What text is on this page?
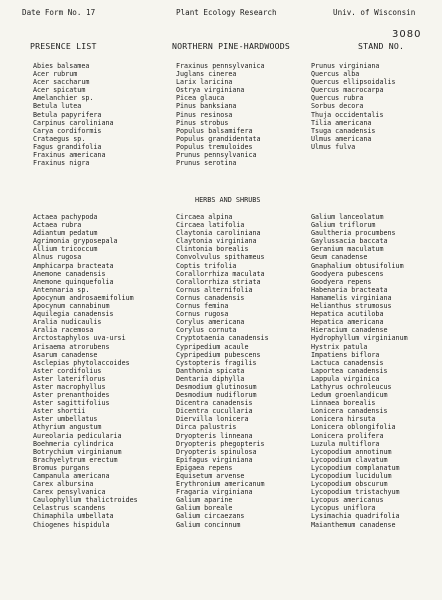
Date Form No. 17	Plant Ecology Research	Univ. of Wisconsin
PRESENCE LIST	NORTHERN PINE-HARDWOODS	STAND NO.
3080
Abies balsamea
Acer rubrum
Acer saccharum
Acer spicatum
Amelanchier sp.
Betula lutea
Betula papyrifera
Carpinus caroliniana
Carya cordiformis
Crataegus sp.
Fagus grandifolia
Fraxinus americana
Fraxinus nigra
Fraxinus pennsylvanica
Juglans cinerea
Larix laricina
Ostrya virginiana
Picea glauca
Pinus banksiana
Pinus resinosa
Pinus strobus
Populus balsamifera
Populus grandidentata
Populus tremuloides
Prunus pennsylvanica
Prunus serotina
Prunus virginiana
Quercus alba
Quercus ellipsoidalis
Quercus macrocarpa
Quercus rubra
Sorbus decora
Thuja occidentalis
Tilia americana
Tsuga canadensis
Ulmus americana
Ulmus fulva
HERBS AND SHRUBS
Actaea pachypoda
Actaea rubra
Adiantum pedatum
Agrimonia gryposepala
Allium tricoccum
Alnus rugosa
Amphicarpa bracteata
Anemone canadensis
Anemone quinquefolia
Antennaria sp.
Apocynum androsaemifolium
Apocynum cannabinum
Aquilegia canadensis
Aralia nudicaulis
Aralia racemosa
Arctostaphylos uva-ursi
Arisaema atrorubens
Asarum canadense
Asclepias phytolaccoides
Aster cordifolius
Aster lateriflorus
Aster macrophyllus
Aster prenanthoides
Aster sagittifolius
Aster shortii
Aster umbellatus
Athyrium angustum
Aureolaria pedicularia
Boehmeria cylindrica
Botrychium virginianum
Brachyelytrum erectum
Bromus purgans
Campanula americana
Carex albursina
Carex pensylvanica
Caulophyllum thalictroides
Celastrus scandens
Chimaphila umbellata
Chiogenes hispidula
Circaea alpina
Circaea latifolia
Claytonia caroliniana
Claytonia virginiana
Clintonia borealis
Convolvulus spithameus
Coptis trifolia
Corallorrhiza maculata
Corallorrhiza striata
Cornus alternifolia
Cornus canadensis
Cornus femina
Cornus rugosa
Corylus americana
Corylus cornuta
Cryptotaenia canadensis
Cypripedium acaule
Cypripedium pubescens
Cystopteris fragilis
Danthonia spicata
Dentaria diphylla
Desmodium glutinosum
Desmodium nudiflorum
Dicentra canadensis
Dicentra cucullaria
Diervilla lonicera
Dirca palustris
Dryopteris linneana
Dryopteris phegopteris
Dryopteris spinulosa
Epifagus virginiana
Epigaea repens
Equisetum arvense
Erythronium americanum
Fragaria virginiana
Galium aparine
Galium boreale
Galium circaezans
Galium concinnum
Galium lanceolatum
Galium triflorum
Gaultheria procumbens
Gaylussacia baccata
Geranium maculatum
Geum canadense
Gnaphalium obtusifolium
Goodyera pubescens
Goodyera repens
Habenaria bracteata
Hamamelis virginiana
Helianthus strumosus
Hepatica acutiloba
Hepatica americana
Hieracium canadense
Hydrophyllum virginianum
Hystrix patula
Impatiens biflora
Lactuca canadensis
Laportea canadensis
Lappula virginica
Lathyrus ochroleucus
Ledum groenlandicum
Linnaea borealis
Lonicera canadensis
Lonicera hirsuta
Lonicera oblongifolia
Lonicera prolifera
Luzula multiflora
Lycopodium annotinum
Lycopodium clavatum
Lycopodium complanatum
Lycopodium lucidulum
Lycopodium obscurum
Lycopodium tristachyum
Lycopus americanus
Lycopus uniflora
Lysimachia quadrifolia
Maianthemum canadense
